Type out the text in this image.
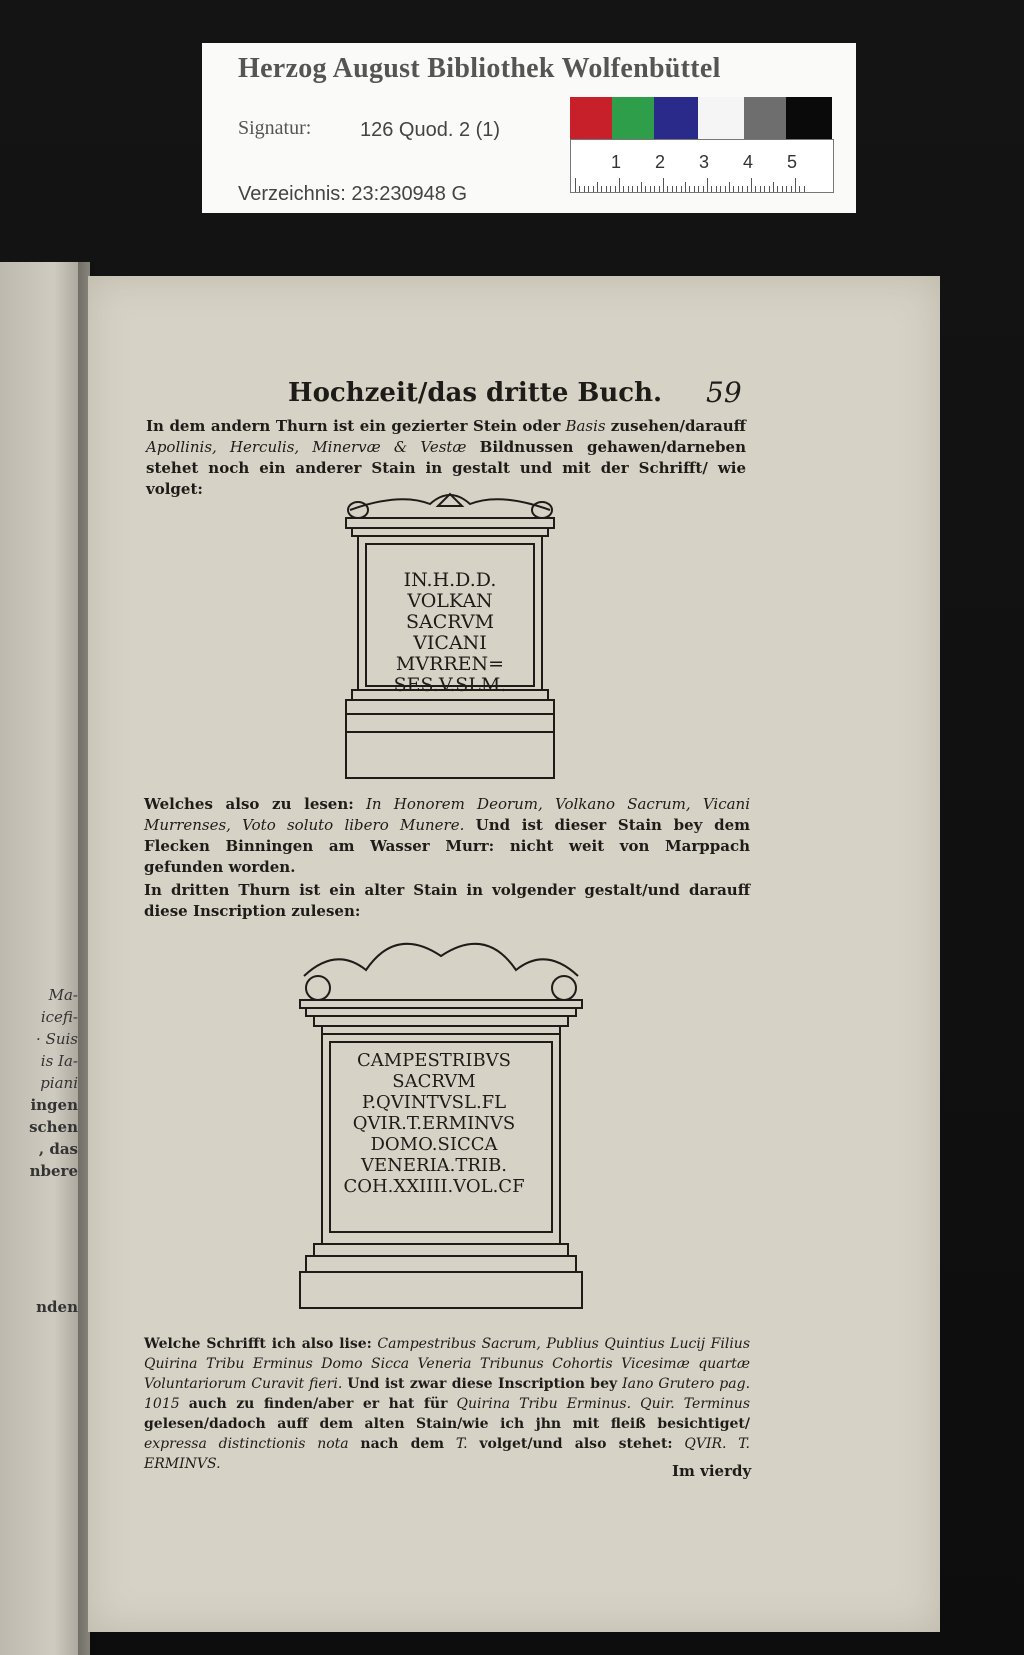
Ma-
icefi-
· Suis
is Ia-
piani
ingen
schen
, das
nbere
nden
Herzog August Bibliothek Wolfenbüttel
Signatur: 126 Quod. 2 (1)
Verzeichnis: 23:230948 G
1 2 3 4 5
Hochzeit/das dritte Buch. 59
In dem andern Thurn ist ein gezierter Stein oder Basis zusehen/darauff Apollinis, Herculis, Minervæ & Vestæ Bildnussen gehawen/darneben stehet noch ein anderer Stain in gestalt und mit der Schrifft/ wie volget:
IN.H.D.D.
VOLKAN
SACRVM
VICANI
MVRREN=
SES.V.SLM.
Welches also zu lesen: In Honorem Deorum, Volkano Sacrum, Vicani Murrenses, Voto soluto libero Munere. Und ist dieser Stain bey dem Flecken Binningen am Wasser Murr: nicht weit von Marppach gefunden worden.
In dritten Thurn ist ein alter Stain in volgender gestalt/und darauff diese Inscription zulesen:
CAMPESTRIBVS
SACRVM
P.QVINTVSL.FL
QVIR.T.ERMINVS
DOMO.SICCA
VENERIA.TRIB.
COH.XXIIII.VOL.CF
Welche Schrifft ich also lise: Campestribus Sacrum, Publius Quintius Lucij Filius Quirina Tribu Erminus Domo Sicca Veneria Tribunus Cohortis Vicesimæ quartæ Voluntariorum Curavit fieri. Und ist zwar diese Inscription bey Iano Grutero pag. 1015 auch zu finden/aber er hat für Quirina Tribu Erminus. Quir. Terminus gelesen/dadoch auff dem alten Stain/wie ich jhn mit fleiß besichtiget/ expressa distinctionis nota nach dem T. volget/und also stehet: QVIR. T. ERMINVS.	Im vierdy
